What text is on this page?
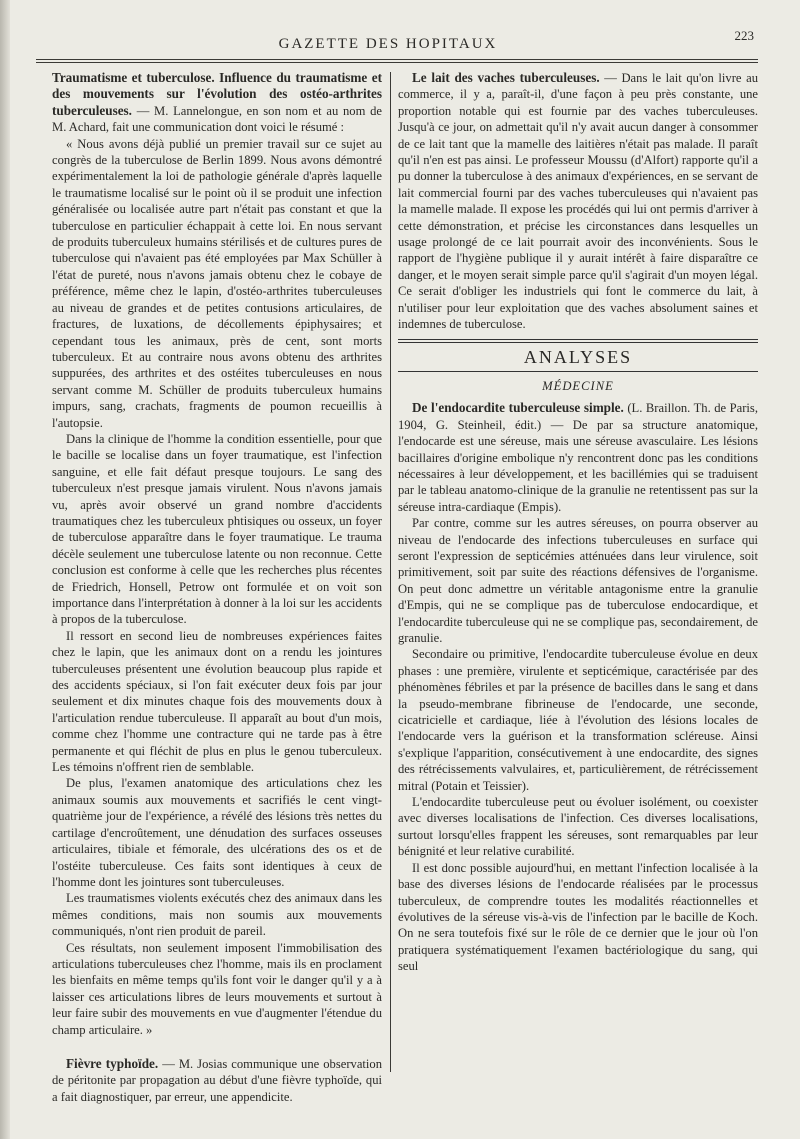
GAZETTE DES HOPITAUX
223

Traumatisme et tuberculose. Influence du traumatisme et des mouvements sur l'évolution des ostéo-arthrites tuberculeuses. — M. Lannelongue, en son nom et au nom de M. Achard, fait une communication dont voici le résumé :

« Nous avons déjà publié un premier travail sur ce sujet au congrès de la tuberculose de Berlin 1899. Nous avons démontré expérimentalement la loi de pathologie générale d'après laquelle le traumatisme localisé sur le point où il se produit une infection généralisée ou localisée autre part n'était pas constant et que la tuberculose en particulier échappait à cette loi. En nous servant de produits tuberculeux humains stérilisés et de cultures pures de tuberculose qui n'avaient pas été employées par Max Schüller à l'état de pureté, nous n'avons jamais obtenu chez le cobaye de préférence, même chez le lapin, d'ostéo-arthrites tuberculeuses au niveau de grandes et de petites contusions articulaires, de fractures, de luxations, de décollements épiphysaires; et cependant tous les animaux, près de cent, sont morts tuberculeux. Et au contraire nous avons obtenu des arthrites suppurées, des arthrites et des ostéites tuberculeuses en nous servant comme M. Schüller de produits tuberculeux humains impurs, sang, crachats, fragments de poumon recueillis à l'autopsie.

Dans la clinique de l'homme la condition essentielle, pour que le bacille se localise dans un foyer traumatique, est l'infection sanguine, et elle fait défaut presque toujours. Le sang des tuberculeux n'est presque jamais virulent. Nous n'avons jamais vu, après avoir observé un grand nombre d'accidents traumatiques chez les tuberculeux phtisiques ou osseux, un foyer de tuberculose apparaître dans le foyer traumatique. Le trauma décèle seulement une tuberculose latente ou non reconnue. Cette conclusion est conforme à celle que les recherches plus récentes de Friedrich, Honsell, Petrow ont formulée et on voit son importance dans l'interprétation à donner à la loi sur les accidents à propos de la tuberculose.

Il ressort en second lieu de nombreuses expériences faites chez le lapin, que les animaux dont on a rendu les jointures tuberculeuses présentent une évolution beaucoup plus rapide et des accidents spéciaux, si l'on fait exécuter deux fois par jour seulement et dix minutes chaque fois des mouvements doux à l'articulation rendue tuberculeuse. Il apparaît au bout d'un mois, comme chez l'homme une contracture qui ne tarde pas à être permanente et qui fléchit de plus en plus le genou tuberculeux. Les témoins n'offrent rien de semblable.

De plus, l'examen anatomique des articulations chez les animaux soumis aux mouvements et sacrifiés le cent vingt-quatrième jour de l'expérience, a révélé des lésions très nettes du cartilage d'encroûtement, une dénudation des surfaces osseuses articulaires, tibiale et fémorale, des ulcérations des os et de l'ostéite tuberculeuse. Ces faits sont identiques à ceux de l'homme dont les jointures sont tuberculeuses.

Les traumatismes violents exécutés chez des animaux dans les mêmes conditions, mais non soumis aux mouvements communiqués, n'ont rien produit de pareil.

Ces résultats, non seulement imposent l'immobilisation des articulations tuberculeuses chez l'homme, mais ils en proclament les bienfaits en même temps qu'ils font voir le danger qu'il y a à laisser ces articulations libres de leurs mouvements et surtout à leur faire subir des mouvements en vue d'augmenter l'étendue du champ articulaire. »

Fièvre typhoïde. — M. Josias communique une observation de péritonite par propagation au début d'une fièvre typhoïde, qui a fait diagnostiquer, par erreur, une appendicite.

Le lait des vaches tuberculeuses. — Dans le lait qu'on livre au commerce, il y a, paraît-il, d'une façon à peu près constante, une proportion notable qui est fournie par des vaches tuberculeuses. Jusqu'à ce jour, on admettait qu'il n'y avait aucun danger à consommer de ce lait tant que la mamelle des laitières n'était pas malade. Il paraît qu'il n'en est pas ainsi. Le professeur Moussu (d'Alfort) rapporte qu'il a pu donner la tuberculose à des animaux d'expériences, en se servant de lait commercial fourni par des vaches tuberculeuses qui n'avaient pas la mamelle malade. Il expose les procédés qui lui ont permis d'arriver à cette démonstration, et précise les circonstances dans lesquelles un usage prolongé de ce lait pourrait avoir des inconvénients. Sous le rapport de l'hygiène publique il y aurait intérêt à faire disparaître ce danger, et le moyen serait simple parce qu'il s'agirait d'un moyen légal. Ce serait d'obliger les industriels qui font le commerce du lait, à n'utiliser pour leur exploitation que des vaches absolument saines et indemnes de tuberculose.

ANALYSES

MÉDECINE

De l'endocardite tuberculeuse simple. (L. Braillon. Th. de Paris, 1904, G. Steinheil, édit.) — De par sa structure anatomique, l'endocarde est une séreuse, mais une séreuse avasculaire. Les lésions bacillaires d'origine embolique n'y rencontrent donc pas les conditions nécessaires à leur développement, et les bacillémies qui se traduisent par le tableau anatomo-clinique de la granulie ne retentissent pas sur la séreuse intra-cardiaque (Empis).

Par contre, comme sur les autres séreuses, on pourra observer au niveau de l'endocarde des infections tuberculeuses en surface qui seront l'expression de septicémies atténuées dans leur virulence, soit primitivement, soit par suite des réactions défensives de l'organisme. On peut donc admettre un véritable antagonisme entre la granulie d'Empis, qui ne se complique pas de tuberculose endocardique, et l'endocardite tuberculeuse qui ne se complique pas, secondairement, de granulie.

Secondaire ou primitive, l'endocardite tuberculeuse évolue en deux phases : une première, virulente et septicémique, caractérisée par des phénomènes fébriles et par la présence de bacilles dans le sang et dans la pseudo-membrane fibrineuse de l'endocarde, une seconde, cicatricielle et cardiaque, liée à l'évolution des lésions locales de l'endocarde vers la guérison et la transformation scléreuse. Ainsi s'explique l'apparition, consécutivement à une endocardite, des signes des rétrécissements valvulaires, et, particulièrement, de rétrécissement mitral (Potain et Teissier).

L'endocardite tuberculeuse peut ou évoluer isolément, ou coexister avec diverses localisations de l'infection. Ces diverses localisations, surtout lorsqu'elles frappent les séreuses, sont remarquables par leur bénignité et leur relative curabilité.

Il est donc possible aujourd'hui, en mettant l'infection localisée à la base des diverses lésions de l'endocarde réalisées par le processus tuberculeux, de comprendre toutes les modalités réactionnelles et évolutives de la séreuse vis-à-vis de l'infection par le bacille de Koch. On ne sera toutefois fixé sur le rôle de ce dernier que le jour où l'on pratiquera systématiquement l'examen bactériologique du sang, qui seul
